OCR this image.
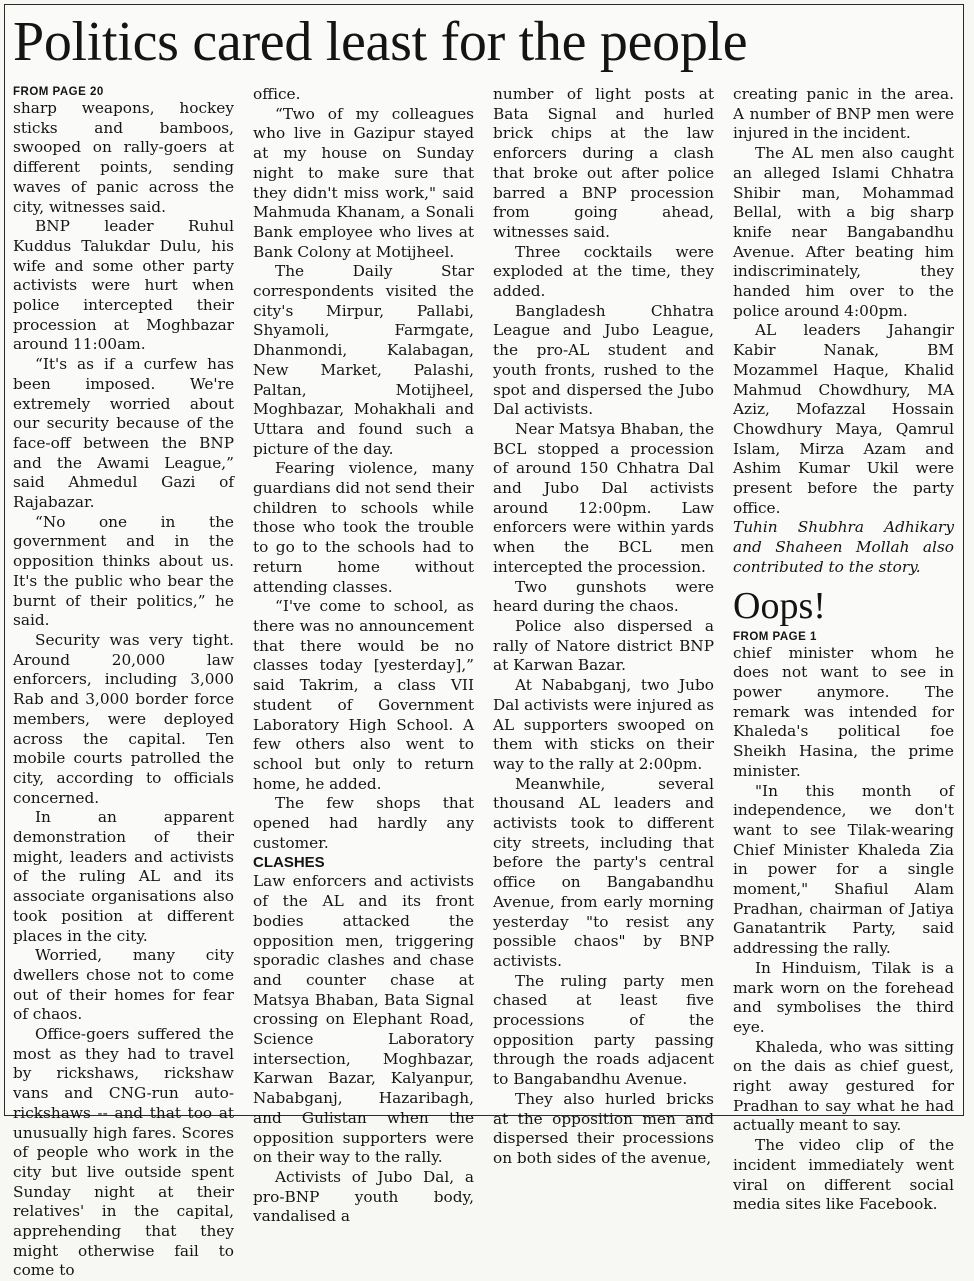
Politics cared least for the people

FROM PAGE 20

sharp weapons, hockey sticks and bamboos, swooped on rally-goers at different points, sending waves of panic across the city, witnesses said.

BNP leader Ruhul Kuddus Talukdar Dulu, his wife and some other party activists were hurt when police intercepted their procession at Moghbazar around 11:00am.

“It's as if a curfew has been imposed. We're extremely worried about our security because of the face-off between the BNP and the Awami League,” said Ahmedul Gazi of Rajabazar.

“No one in the government and in the opposition thinks about us. It's the public who bear the burnt of their politics,” he said.

Security was very tight. Around 20,000 law enforcers, including 3,000 Rab and 3,000 border force members, were deployed across the capital. Ten mobile courts patrolled the city, according to officials concerned.

In an apparent demonstration of their might, leaders and activists of the ruling AL and its associate organisations also took position at different places in the city.

Worried, many city dwellers chose not to come out of their homes for fear of chaos.

Office-goers suffered the most as they had to travel by rickshaws, rickshaw vans and CNG-run auto-rickshaws -- and that too at unusually high fares. Scores of people who work in the city but live outside spent Sunday night at their relatives' in the capital, apprehending that they might otherwise fail to come to

office.

“Two of my colleagues who live in Gazipur stayed at my house on Sunday night to make sure that they didn't miss work," said Mahmuda Khanam, a Sonali Bank employee who lives at Bank Colony at Motijheel.

The Daily Star correspondents visited the city's Mirpur, Pallabi, Shyamoli, Farmgate, Dhanmondi, Kalabagan, New Market, Palashi, Paltan, Motijheel, Moghbazar, Mohakhali and Uttara and found such a picture of the day.

Fearing violence, many guardians did not send their children to schools while those who took the trouble to go to the schools had to return home without attending classes.

“I've come to school, as there was no announcement that there would be no classes today [yesterday],” said Takrim, a class VII student of Government Laboratory High School. A few others also went to school but only to return home, he added.

The few shops that opened had hardly any customer.

CLASHES

Law enforcers and activists of the AL and its front bodies attacked the opposition men, triggering sporadic clashes and chase and counter chase at Matsya Bhaban, Bata Signal crossing on Elephant Road, Science Laboratory intersection, Moghbazar, Karwan Bazar, Kalyanpur, Nababganj, Hazaribagh, and Gulistan when the opposition supporters were on their way to the rally.

Activists of Jubo Dal, a pro-BNP youth body, vandalised a

number of light posts at Bata Signal and hurled brick chips at the law enforcers during a clash that broke out after police barred a BNP procession from going ahead, witnesses said.

Three cocktails were exploded at the time, they added.

Bangladesh Chhatra League and Jubo League, the pro-AL student and youth fronts, rushed to the spot and dispersed the Jubo Dal activists.

Near Matsya Bhaban, the BCL stopped a procession of around 150 Chhatra Dal and Jubo Dal activists around 12:00pm. Law enforcers were within yards when the BCL men intercepted the procession.

Two gunshots were heard during the chaos.

Police also dispersed a rally of Natore district BNP at Karwan Bazar.

At Nababganj, two Jubo Dal activists were injured as AL supporters swooped on them with sticks on their way to the rally at 2:00pm.

Meanwhile, several thousand AL leaders and activists took to different city streets, including that before the party's central office on Bangabandhu Avenue, from early morning yesterday "to resist any possible chaos" by BNP activists.

The ruling party men chased at least five processions of the opposition party passing through the roads adjacent to Bangabandhu Avenue.

They also hurled bricks at the opposition men and dispersed their processions on both sides of the avenue,

creating panic in the area. A number of BNP men were injured in the incident.

The AL men also caught an alleged Islami Chhatra Shibir man, Mohammad Bellal, with a big sharp knife near Bangabandhu Avenue. After beating him indiscriminately, they handed him over to the police around 4:00pm.

AL leaders Jahangir Kabir Nanak, BM Mozammel Haque, Khalid Mahmud Chowdhury, MA Aziz, Mofazzal Hossain Chowdhury Maya, Qamrul Islam, Mirza Azam and Ashim Kumar Ukil were present before the party office.

Tuhin Shubhra Adhikary and Shaheen Mollah also contributed to the story.

Oops!

FROM PAGE 1

chief minister whom he does not want to see in power anymore. The remark was intended for Khaleda's political foe Sheikh Hasina, the prime minister.

"In this month of independence, we don't want to see Tilak-wearing Chief Minister Khaleda Zia in power for a single moment," Shafiul Alam Pradhan, chairman of Jatiya Ganatantrik Party, said addressing the rally.

In Hinduism, Tilak is a mark worn on the forehead and symbolises the third eye.

Khaleda, who was sitting on the dais as chief guest, right away gestured for Pradhan to say what he had actually meant to say.

The video clip of the incident immediately went viral on different social media sites like Facebook.
